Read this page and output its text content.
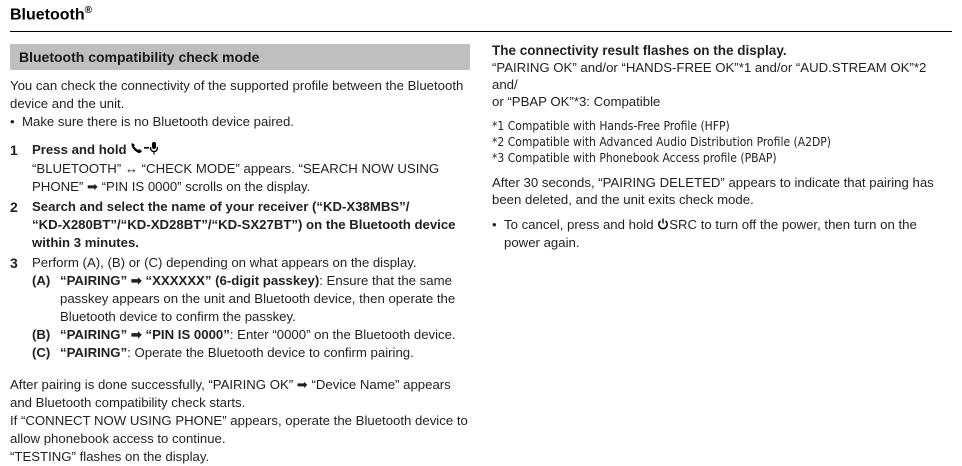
Bluetooth®
Bluetooth compatibility check mode

You can check the connectivity of the supported profile between the Bluetooth device and the unit.

• Make sure there is no Bluetooth device paired.
1	Press and hold
“BLUETOOTH” ↔ “CHECK MODE” appears. “SEARCH NOW USING
PHONE” ➡ “PIN IS 0000” scrolls on the display.
2	Search and select the name of your receiver (“KD-X38MBS”/
“KD-X280BT”/“KD-XD28BT”/“KD-SX27BT”) on the Bluetooth device
within 3 minutes.
3	Perform (A), (B) or (C) depending on what appears on the display.
(A) “PAIRING” ➡ “XXXXXX” (6-digit passkey): Ensure that the same
passkey appears on the unit and Bluetooth device, then operate the
Bluetooth device to confirm the passkey.
(B) “PAIRING” ➡ “PIN IS 0000”: Enter “0000” on the Bluetooth device.
(C) “PAIRING”: Operate the Bluetooth device to confirm pairing.
After pairing is done successfully, “PAIRING OK” ➡ “Device Name” appears
and Bluetooth compatibility check starts.
If “CONNECT NOW USING PHONE” appears, operate the Bluetooth device to
allow phonebook access to continue.
“TESTING” flashes on the display.
The connectivity result flashes on the display.
“PAIRING OK” and/or “HANDS-FREE OK”*1 and/or “AUD.STREAM OK”*2 and/
or “PBAP OK”*3: Compatible
*1 Compatible with Hands-Free Profile (HFP)
*2 Compatible with Advanced Audio Distribution Profile (A2DP)
*3 Compatible with Phonebook Access profile (PBAP)
After 30 seconds, “PAIRING DELETED” appears to indicate that pairing has
been deleted, and the unit exits check mode.
• To cancel, press and hold SRC to turn off the power, then turn on the
power again.
